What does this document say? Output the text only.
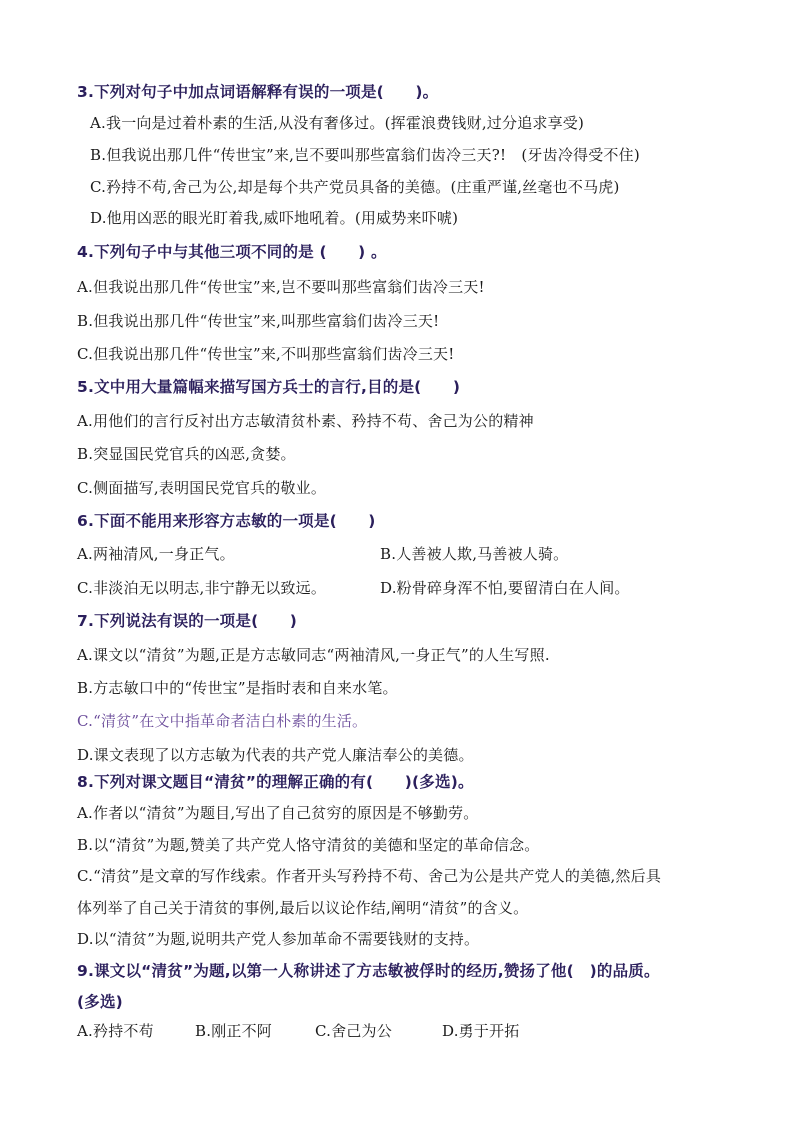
3.下列对句子中加点词语解释有误的一项是(　　)。
A.我一向是过着朴素的生活,从没有奢侈过。(挥霍浪费钱财,过分追求享受)
B.但我说出那几件“传世宝”来,岂不要叫那些富翁们齿冷三天?!　(牙齿冷得受不住)
C.矜持不苟,舍己为公,却是每个共产党员具备的美德。(庄重严谨,丝毫也不马虎)
D.他用凶恶的眼光盯着我,威吓地吼着。(用威势来吓唬)
4.下列句子中与其他三项不同的是 (　　) 。
A.但我说出那几件“传世宝”来,岂不要叫那些富翁们齿冷三天!
B.但我说出那几件“传世宝”来,叫那些富翁们齿冷三天!
C.但我说出那几件“传世宝”来,不叫那些富翁们齿冷三天!
5.文中用大量篇幅来描写国方兵士的言行,目的是(　　)
A.用他们的言行反衬出方志敏清贫朴素、矜持不苟、舍己为公的精神
B.突显国民党官兵的凶恶,贪婪。
C.侧面描写,表明国民党官兵的敬业。
6.下面不能用来形容方志敏的一项是(　　)
A.两袖清风,一身正气。	B.人善被人欺,马善被人骑。
C.非淡泊无以明志,非宁静无以致远。	D.粉骨碎身浑不怕,要留清白在人间。
7.下列说法有误的一项是(　　)
A.课文以“清贫”为题,正是方志敏同志“两袖清风,一身正气”的人生写照.
B.方志敏口中的“传世宝”是指时表和自来水笔。
C.“清贫”在文中指革命者洁白朴素的生活。
D.课文表现了以方志敏为代表的共产党人廉洁奉公的美德。
8.下列对课文题目“清贫”的理解正确的有(　　)(多选)。
A.作者以“清贫”为题目,写出了自己贫穷的原因是不够勤劳。
B.以“清贫”为题,赞美了共产党人恪守清贫的美德和坚定的革命信念。
C.“清贫”是文章的写作线索。作者开头写矜持不苟、舍己为公是共产党人的美德,然后具
体列举了自己关于清贫的事例,最后以议论作结,阐明“清贫”的含义。
D.以“清贫”为题,说明共产党人参加革命不需要钱财的支持。
9.课文以“清贫”为题,以第一人称讲述了方志敏被俘时的经历,赞扬了他(　)的品质。
(多选)
A.矜持不苟	B.刚正不阿	C.舍己为公	D.勇于开拓
